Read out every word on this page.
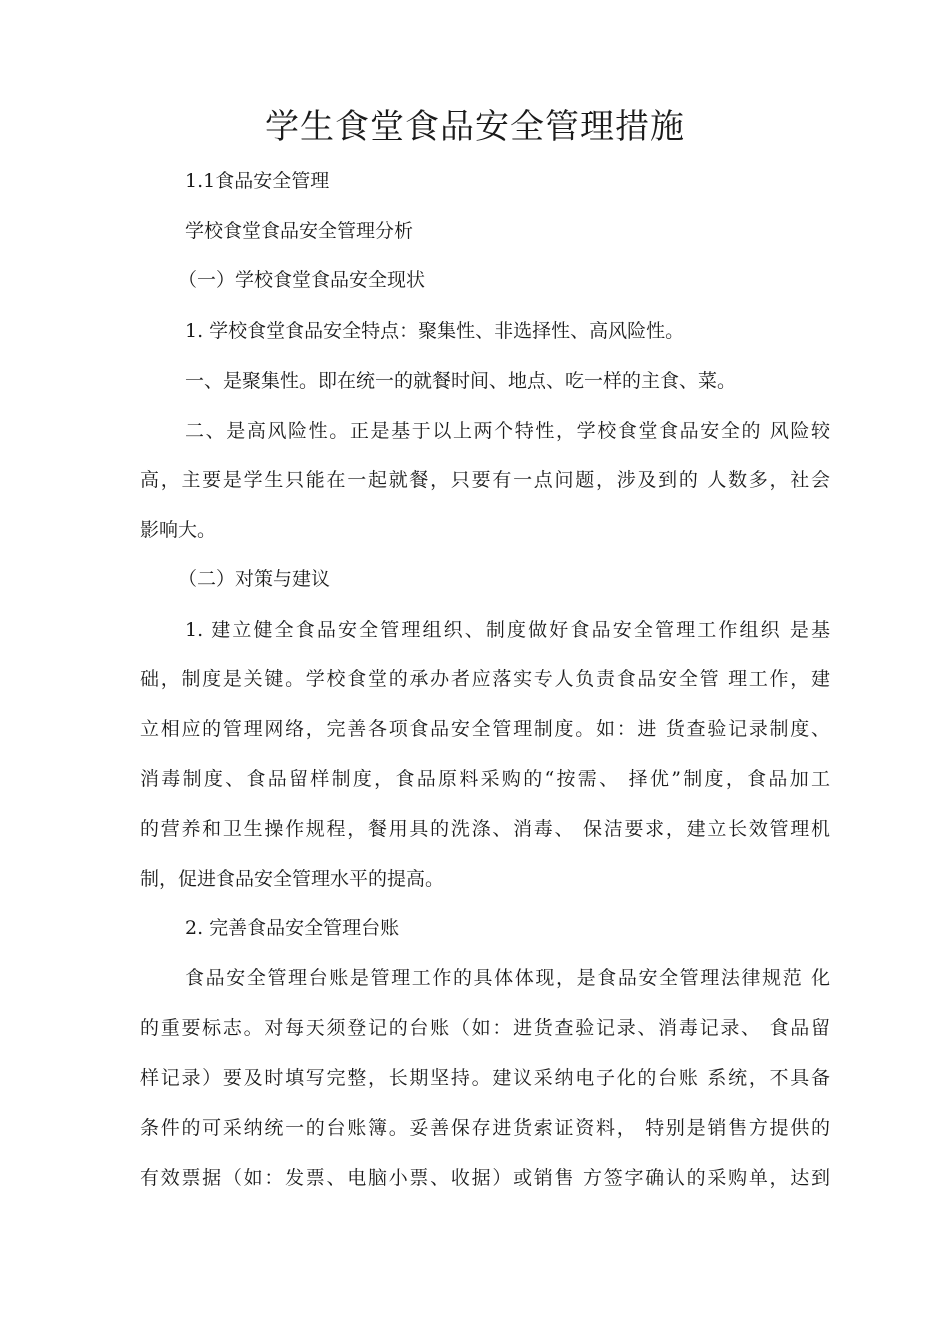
学生食堂食品安全管理措施

1.1食品安全管理

学校食堂食品安全管理分析

（一）学校食堂食品安全现状

1. 学校食堂食品安全特点：聚集性、非选择性、高风险性。

一、是聚集性。即在统一的就餐时间、地点、吃一样的主食、菜。

二、是高风险性。正是基于以上两个特性，学校食堂食品安全的 风险较

高，主要是学生只能在一起就餐，只要有一点问题，涉及到的 人数多，社会

影响大。

（二）对策与建议

1. 建立健全食品安全管理组织、制度做好食品安全管理工作组织 是基

础，制度是关键。学校食堂的承办者应落实专人负责食品安全管 理工作，建

立相应的管理网络，完善各项食品安全管理制度。如：进 货查验记录制度、

消毒制度、食品留样制度，食品原料采购的“按需、 择优”制度，食品加工

的营养和卫生操作规程，餐用具的洗涤、消毒、 保洁要求，建立长效管理机

制，促进食品安全管理水平的提高。

2. 完善食品安全管理台账

食品安全管理台账是管理工作的具体体现，是食品安全管理法律规范 化

的重要标志。对每天须登记的台账（如：进货查验记录、消毒记录、 食品留

样记录）要及时填写完整，长期坚持。建议采纳电子化的台账 系统，不具备

条件的可采纳统一的台账簿。妥善保存进货索证资料， 特别是销售方提供的

有效票据（如：发票、电脑小票、收据）或销售 方签字确认的采购单，达到
